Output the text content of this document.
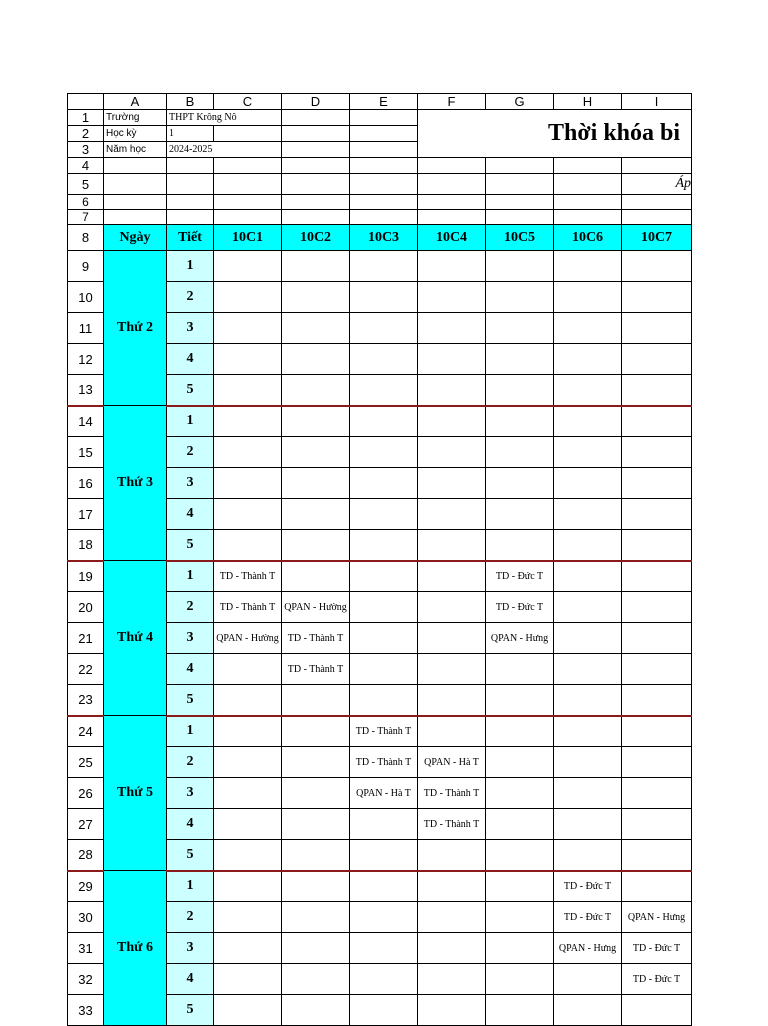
	A	B	C	D	E	F	G	H	I
1	Trường	THPT Krông Nô				Thời khóa bi			
2	Học kỳ	1							
3	Năm học	2024-2025							
4									
5									Áp
6									
7									
8	Ngày	Tiết	10C1	10C2	10C3	10C4	10C5	10C6	10C7
9	Thứ 2	1							
10		2							
11		3							
12		4							
13		5							
14	Thứ 3	1							
15		2							
16		3							
17		4							
18		5							
19	Thứ 4	1	TD - Thành T				TD - Đức T		
20		2	TD - Thành T	QPAN - Hường			TD - Đức T		
21		3	QPAN - Hường	TD - Thành T			QPAN - Hưng		
22		4		TD - Thành T					
23		5							
24	Thứ 5	1			TD - Thành T				
25		2			TD - Thành T	QPAN - Hà T			
26		3			QPAN - Hà T	TD - Thành T			
27		4				TD - Thành T			
28		5							
29	Thứ 6	1						TD - Đức T	
30		2						TD - Đức T	QPAN - Hưng
31		3						QPAN - Hưng	TD - Đức T
32		4							TD - Đức T
33		5							
